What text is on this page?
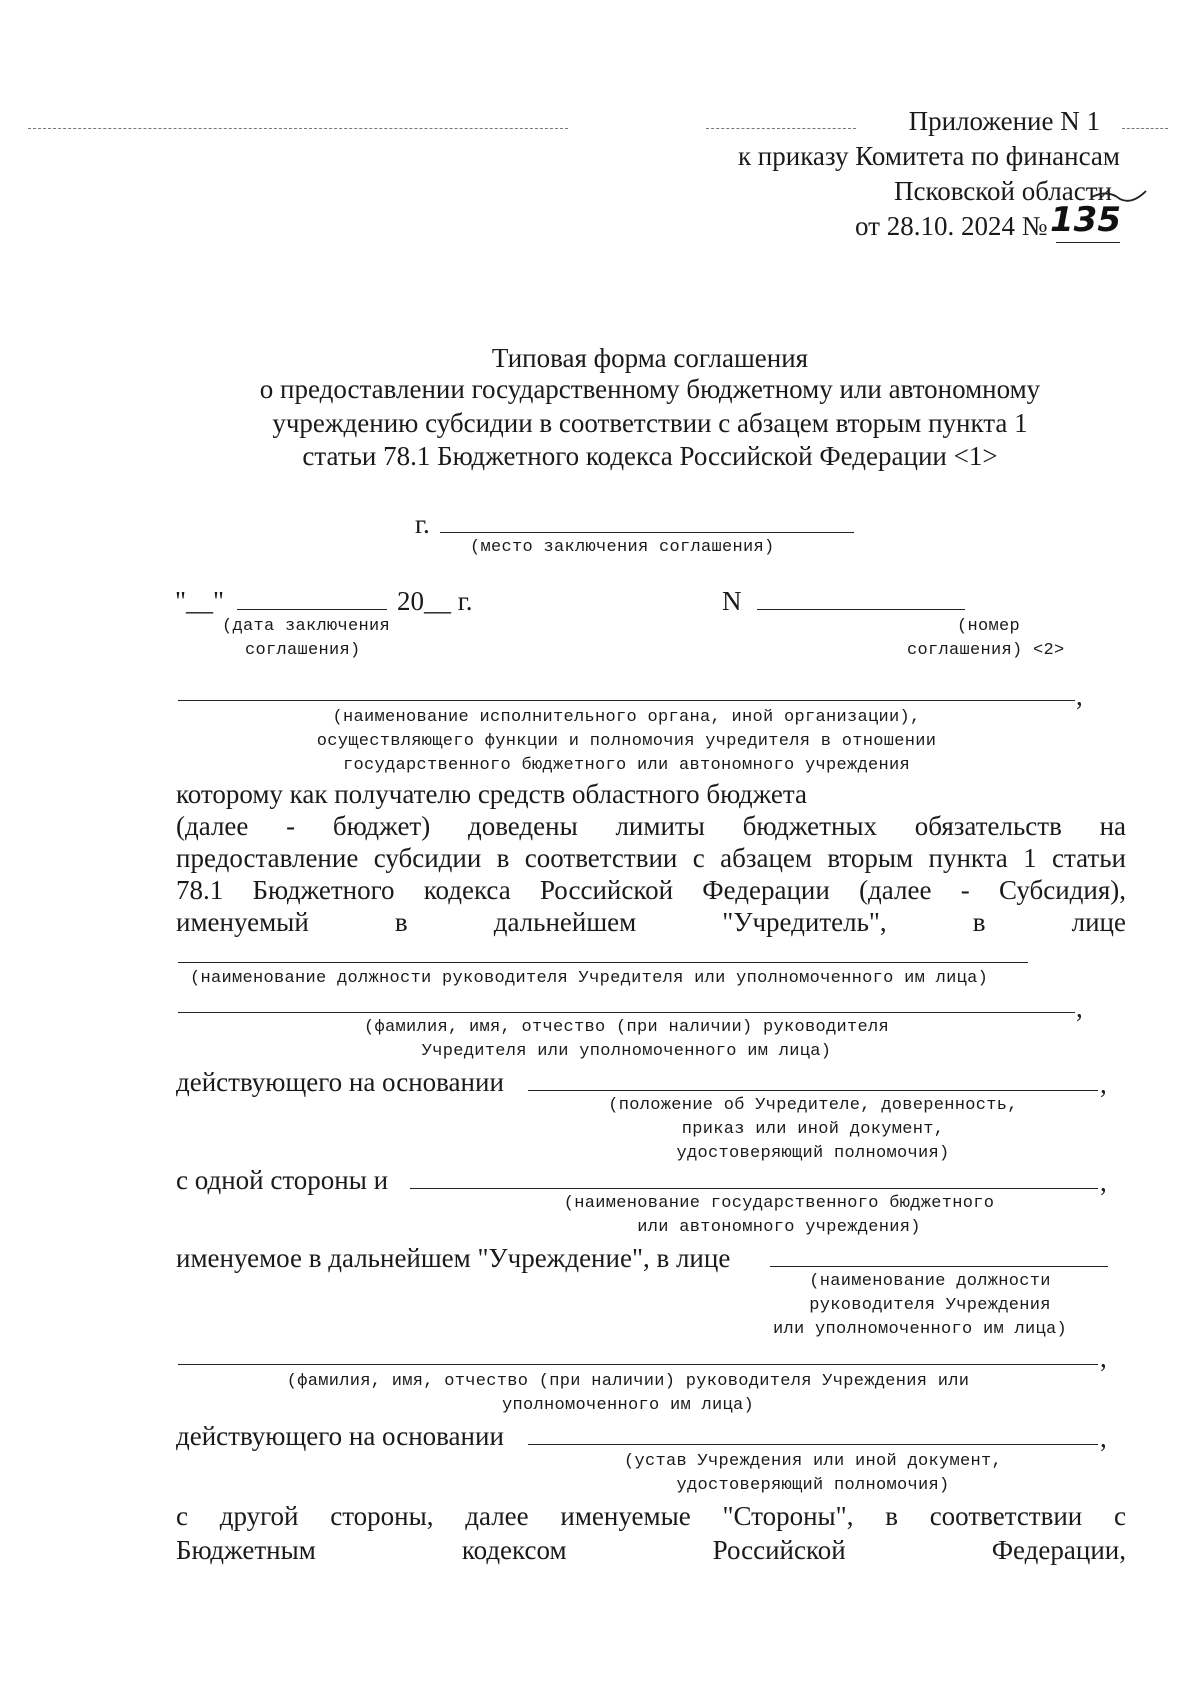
Приложение N 1
к приказу Комитета по финансам
Псковской области
от 28.10. 2024 № 135
Типовая форма соглашения
о предоставлении государственному бюджетному или автономному
учреждению субсидии в соответствии с абзацем вторым пункта 1
статьи 78.1 Бюджетного кодекса Российской Федерации <1>
г.
(место заключения соглашения)
"__"	20__ г.	N
(дата заключения
соглашения)
(номер
соглашения) <2>
,
(наименование исполнительного органа, иной организации),
осуществляющего функции и полномочия учредителя в отношении
государственного бюджетного или автономного учреждения
которому как получателю средств областного бюджета
(далее - бюджет) доведены лимиты бюджетных обязательств на
предоставление субсидии в соответствии с абзацем вторым пункта 1 статьи
78.1 Бюджетного кодекса Российской Федерации (далее - Субсидия),
именуемый в дальнейшем "Учредитель", в лице
(наименование должности руководителя Учредителя или уполномоченного им лица)
,
(фамилия, имя, отчество (при наличии) руководителя
Учредителя или уполномоченного им лица)
действующего на основании	,
(положение об Учредителе, доверенность,
приказ или иной документ,
удостоверяющий полномочия)
с одной стороны и	,
(наименование государственного бюджетного
или автономного учреждения)
именуемое в дальнейшем "Учреждение", в лице
(наименование должности
руководителя Учреждения
или уполномоченного им лица)
,
(фамилия, имя, отчество (при наличии) руководителя Учреждения или
уполномоченного им лица)
действующего на основании	,
(устав Учреждения или иной документ,
удостоверяющий полномочия)
с другой стороны, далее именуемые "Стороны", в соответствии с
Бюджетным кодексом Российской Федерации,
